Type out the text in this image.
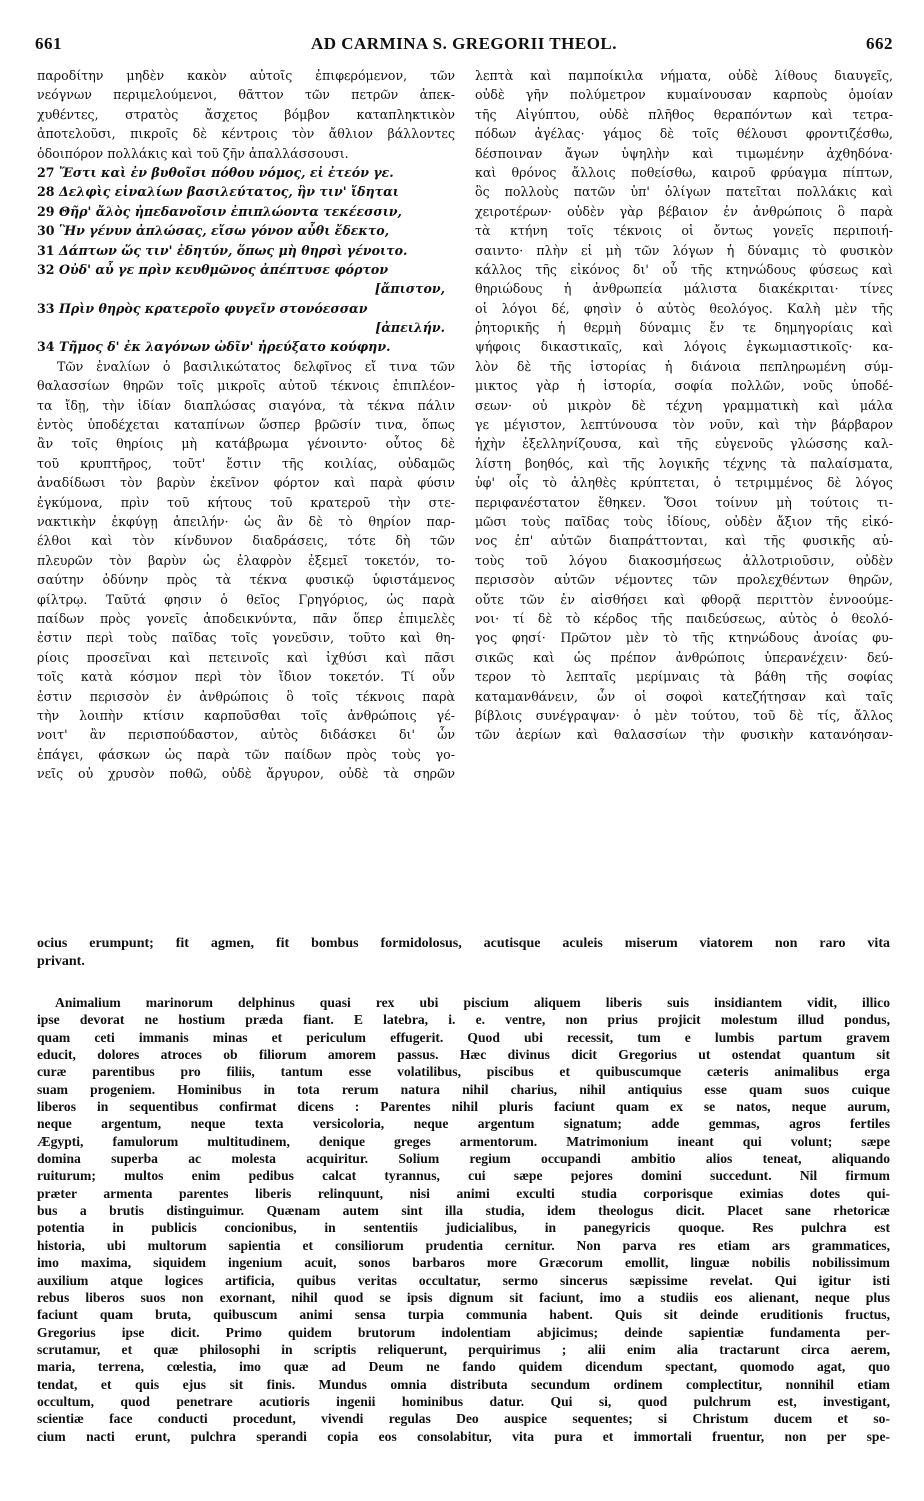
661	AD CARMINA S. GREGORII THEOL.	662
παροδίτην μηδὲν κακὸν αὐτοῖς ἐπιφερόμενον, τῶν
νεόγνων περιμελούμενοι, θᾶττον τῶν πετρῶν ἀπεκ-
χυθέντες, στρατὸς ἄσχετος βόμβον καταπληκτικὸν
ἀποτελοῦσι, πικροῖς δὲ κέντροις τὸν ἄθλιον βάλλοντες
ὁδοιπόρον πολλάκις καὶ τοῦ ζῆν ἀπαλλάσσουσι.
27 Ἔστι καὶ ἐν βυθοῖσι πόθου νόμος, εἰ ἐτεόν γε.
28 Δελφὶς εἰναλίων βασιλεύτατος, ἣν τιν' ἴδηται
29 Θῆρ' ἄλὸς ἠπεδανοῖσιν ἐπιπλώοντα τεκέεσσιν,
30 Ἣν γένυν ἀπλώσας, εἴσω γόνον αὖθι ἔδεκτο,
31 Δάπτων ὥς τιν' ἐδητύν, ὅπως μὴ θηρσὶ γένοιτο.
32 Οὐδ' αὖ γε πρὶν κευθμῶνος ἀπέπτυσε φόρτον
[ἄπιστον,
33 Πρὶν θηρὸς κρατεροῖο φυγεῖν στονόεσσαν
[ἀπειλήν.
34 Τῆμος δ' ἐκ λαγόνων ὠδῖν' ἠρεύξατο κούφην.
Τῶν ἐναλίων ὁ βασιλικώτατος δελφῖνος εἴ τινα τῶν
θαλασσίων θηρῶν τοῖς μικροῖς αὐτοῦ τέκνοις ἐπιπλέον-
τα ἴδῃ, τὴν ἰδίαν διαπλώσας σιαγόνα, τὰ τέκνα πάλιν
ἐντὸς ὑποδέχεται καταπίνων ὥσπερ βρῶσίν τινα, ὅπως
ἂν τοῖς θηρίοις μὴ κατάβρωμα γένοιντο· οὗτος δὲ
τοῦ κρυπτῆρος, τοῦτ' ἔστιν τῆς κοιλίας, οὐδαμῶς
ἀναδίδωσι τὸν βαρὺν ἐκεῖνον φόρτον καὶ παρὰ φύσιν
ἐγκύμονα, πρὶν τοῦ κήτους τοῦ κρατεροῦ τὴν στε-
νακτικὴν ἐκφύγῃ ἀπειλήν· ὡς ἂν δὲ τὸ θηρίον παρ-
έλθοι καὶ τὸν κίνδυνον διαδράσεις, τότε δὴ τῶν
πλευρῶν τὸν βαρὺν ὡς ἐλαφρὸν ἐξεμεῖ τοκετόν, το-
σαύτην ὀδύνην πρὸς τὰ τέκνα φυσικῷ ὑφιστάμενος
φίλτρῳ. Ταῦτά φησιν ὁ θεῖος Γρηγόριος, ὡς παρὰ
παίδων πρὸς γονεῖς ἀποδεικνύντα, πᾶν ὅπερ ἐπιμελὲς
ἐστιν περὶ τοὺς παῖδας τοῖς γονεῦσιν, τοῦτο καὶ θη-
ρίοις προσεῖναι καὶ πετεινοῖς καὶ ἰχθύσι καὶ πᾶσι
τοῖς κατὰ κόσμον περὶ τὸν ἴδιον τοκετόν. Τί οὖν
ἐστιν περισσὸν ἐν ἀνθρώποις ὃ τοῖς τέκνοις παρὰ
τὴν λοιπὴν κτίσιν καρποῦσθαι τοῖς ἀνθρώποις γέ-
νοιτ' ἂν περισπούδαστον, αὐτὸς διδάσκει δι' ὧν
ἐπάγει, φάσκων ὡς παρὰ τῶν παίδων πρὸς τοὺς γο-
νεῖς οὐ χρυσὸν ποθῶ, οὐδὲ ἄργυρον, οὐδὲ τὰ σηρῶν
λεπτὰ καὶ παμποίκιλα νήματα, οὐδὲ λίθους διαυγεῖς,
οὐδὲ γῆν πολύμετρον κυμαίνουσαν καρποὺς ὁμοίαν
τῆς Αἰγύπτου, οὐδὲ πλῆθος θεραπόντων καὶ τετρα-
πόδων ἀγέλας· γάμος δὲ τοῖς θέλουσι φροντιζέσθω,
δέσποιναν ἄγων ὑψηλὴν καὶ τιμωμένην ἀχθηδόνα·
καὶ θρόνος ἄλλοις ποθείσθω, καιροῦ φρύαγμα πίπτων,
ὃς πολλοὺς πατῶν ὑπ' ὀλίγων πατεῖται πολλάκις καὶ
χειροτέρων· οὐδὲν γὰρ βέβαιον ἐν ἀνθρώποις ὃ παρὰ
τὰ κτήνη τοῖς τέκνοις οἱ ὄντως γονεῖς περιποιή-
σαιντο· πλὴν εἰ μὴ τῶν λόγων ἡ δύναμις τὸ φυσικὸν
κάλλος τῆς εἰκόνος δι' οὗ τῆς κτηνώδους φύσεως καὶ
θηριώδους ἡ ἀνθρωπεία μάλιστα διακέκριται· τίνες
οἱ λόγοι δέ, φησὶν ὁ αὐτὸς θεολόγος. Καλὴ μὲν τῆς
ῥητορικῆς ἡ θερμὴ δύναμις ἔν τε δημηγορίαις καὶ
ψήφοις δικαστικαῖς, καὶ λόγοις ἐγκωμιαστικοῖς· κα-
λὸν δὲ τῆς ἱστορίας ἡ διάνοια πεπληρωμένη σύμ-
μικτος γὰρ ἡ ἱστορία, σοφία πολλῶν, νοῦς ὑποδέ-
σεων· οὐ μικρὸν δὲ τέχνη γραμματικὴ καὶ μάλα
γε μέγιστον, λεπτύνουσα τὸν νοῦν, καὶ τὴν βάρβαρον
ἠχὴν ἐξελληνίζουσα, καὶ τῆς εὐγενοῦς γλώσσης καλ-
λίστη βοηθός, καὶ τῆς λογικῆς τέχνης τὰ παλαίσματα,
ὑφ' οἷς τὸ ἀληθὲς κρύπτεται, ὁ τετριμμένος δὲ λόγος
περιφανέστατον ἔθηκεν. Ὅσοι τοίνυν μὴ τούτοις τι-
μῶσι τοὺς παῖδας τοὺς ἰδίους, οὐδὲν ἄξιον τῆς εἰκό-
νος ἐπ' αὐτῶν διαπράττονται, καὶ τῆς φυσικῆς αὐ-
τοὺς τοῦ λόγου διακοσμήσεως ἀλλοτριοῦσιν, οὐδὲν
περισσὸν αὐτῶν νέμοντες τῶν προλεχθέντων θηρῶν,
οὔτε τῶν ἐν αἰσθήσει καὶ φθορᾷ περιττὸν ἐννοούμε-
νοι· τί δὲ τὸ κέρδος τῆς παιδεύσεως, αὐτὸς ὁ θεολό-
γος φησί· Πρῶτον μὲν τὸ τῆς κτηνώδους ἀνοίας φυ-
σικῶς καὶ ὡς πρέπον ἀνθρώποις ὑπερανέχειν· δεύ-
τερον τὸ λεπταῖς μερίμναις τὰ βάθη τῆς σοφίας
καταμανθάνειν, ὧν οἱ σοφοὶ κατεζήτησαν καὶ ταῖς
βίβλοις συνέγραψαν· ὁ μὲν τούτου, τοῦ δὲ τίς, ἄλλος
τῶν ἀερίων καὶ θαλασσίων τὴν φυσικὴν κατανόησαν-
ocius erumpunt; fit agmen, fit bombus formidolosus, acutisque aculeis miserum viatorem non raro vita
privant.
Animalium marinorum delphinus quasi rex ubi piscium aliquem liberis suis insidiantem vidit, illico
ipse devorat ne hostium præda fiant. E latebra, i. e. ventre, non prius projicit molestum illud pondus,
quam ceti immanis minas et periculum effugerit. Quod ubi recessit, tum e lumbis partum gravem
educit, dolores atroces ob filiorum amorem passus. Hæc divinus dicit Gregorius ut ostendat quantum sit
curæ parentibus pro filiis, tantum esse volatilibus, piscibus et quibuscumque cæteris animalibus erga
suam progeniem. Hominibus in tota rerum natura nihil charius, nihil antiquius esse quam suos cuique
liberos in sequentibus confirmat dicens : Parentes nihil pluris faciunt quam ex se natos, neque aurum,
neque argentum, neque texta versicoloria, neque argentum signatum; adde gemmas, agros fertiles
Ægypti, famulorum multitudinem, denique greges armentorum. Matrimonium ineant qui volunt; sæpe
domina superba ac molesta acquiritur. Solium regium occupandi ambitio alios teneat, aliquando
ruiturum; multos enim pedibus calcat tyrannus, cui sæpe pejores domini succedunt. Nil firmum
præter armenta parentes liberis relinquunt, nisi animi exculti studia corporisque eximias dotes qui-
bus a brutis distinguimur. Quænam autem sint illa studia, idem theologus dicit. Placet sane rhetoricæ
potentia in publicis concionibus, in sententiis judicialibus, in panegyricis quoque. Res pulchra est
historia, ubi multorum sapientia et consiliorum prudentia cernitur. Non parva res etiam ars grammatices,
imo maxima, siquidem ingenium acuit, sonos barbaros more Græcorum emollit, linguæ nobilis nobilissimum
auxilium atque logices artificia, quibus veritas occultatur, sermo sincerus sæpissime revelat. Qui igitur isti
rebus liberos suos non exornant, nihil quod se ipsis dignum sit faciunt, imo a studiis eos alienant, neque plus
faciunt quam bruta, quibuscum animi sensa turpia communia habent. Quis sit deinde eruditionis fructus,
Gregorius ipse dicit. Primo quidem brutorum indolentiam abjicimus; deinde sapientiæ fundamenta per-
scrutamur, et quæ philosophi in scriptis reliquerunt, perquirimus ; alii enim alia tractarunt circa aerem,
maria, terrena, cœlestia, imo quæ ad Deum ne fando quidem dicendum spectant, quomodo agat, quo
tendat, et quis ejus sit finis. Mundus omnia distributa secundum ordinem complectitur, nonnihil etiam
occultum, quod penetrare acutioris ingenii hominibus datur. Qui si, quod pulchrum est, investigant,
scientiæ face conducti procedunt, vivendi regulas Deo auspice sequentes; si Christum ducem et so-
cium nacti erunt, pulchra sperandi copia eos consolabitur, vita pura et immortali fruentur, non per spe-
